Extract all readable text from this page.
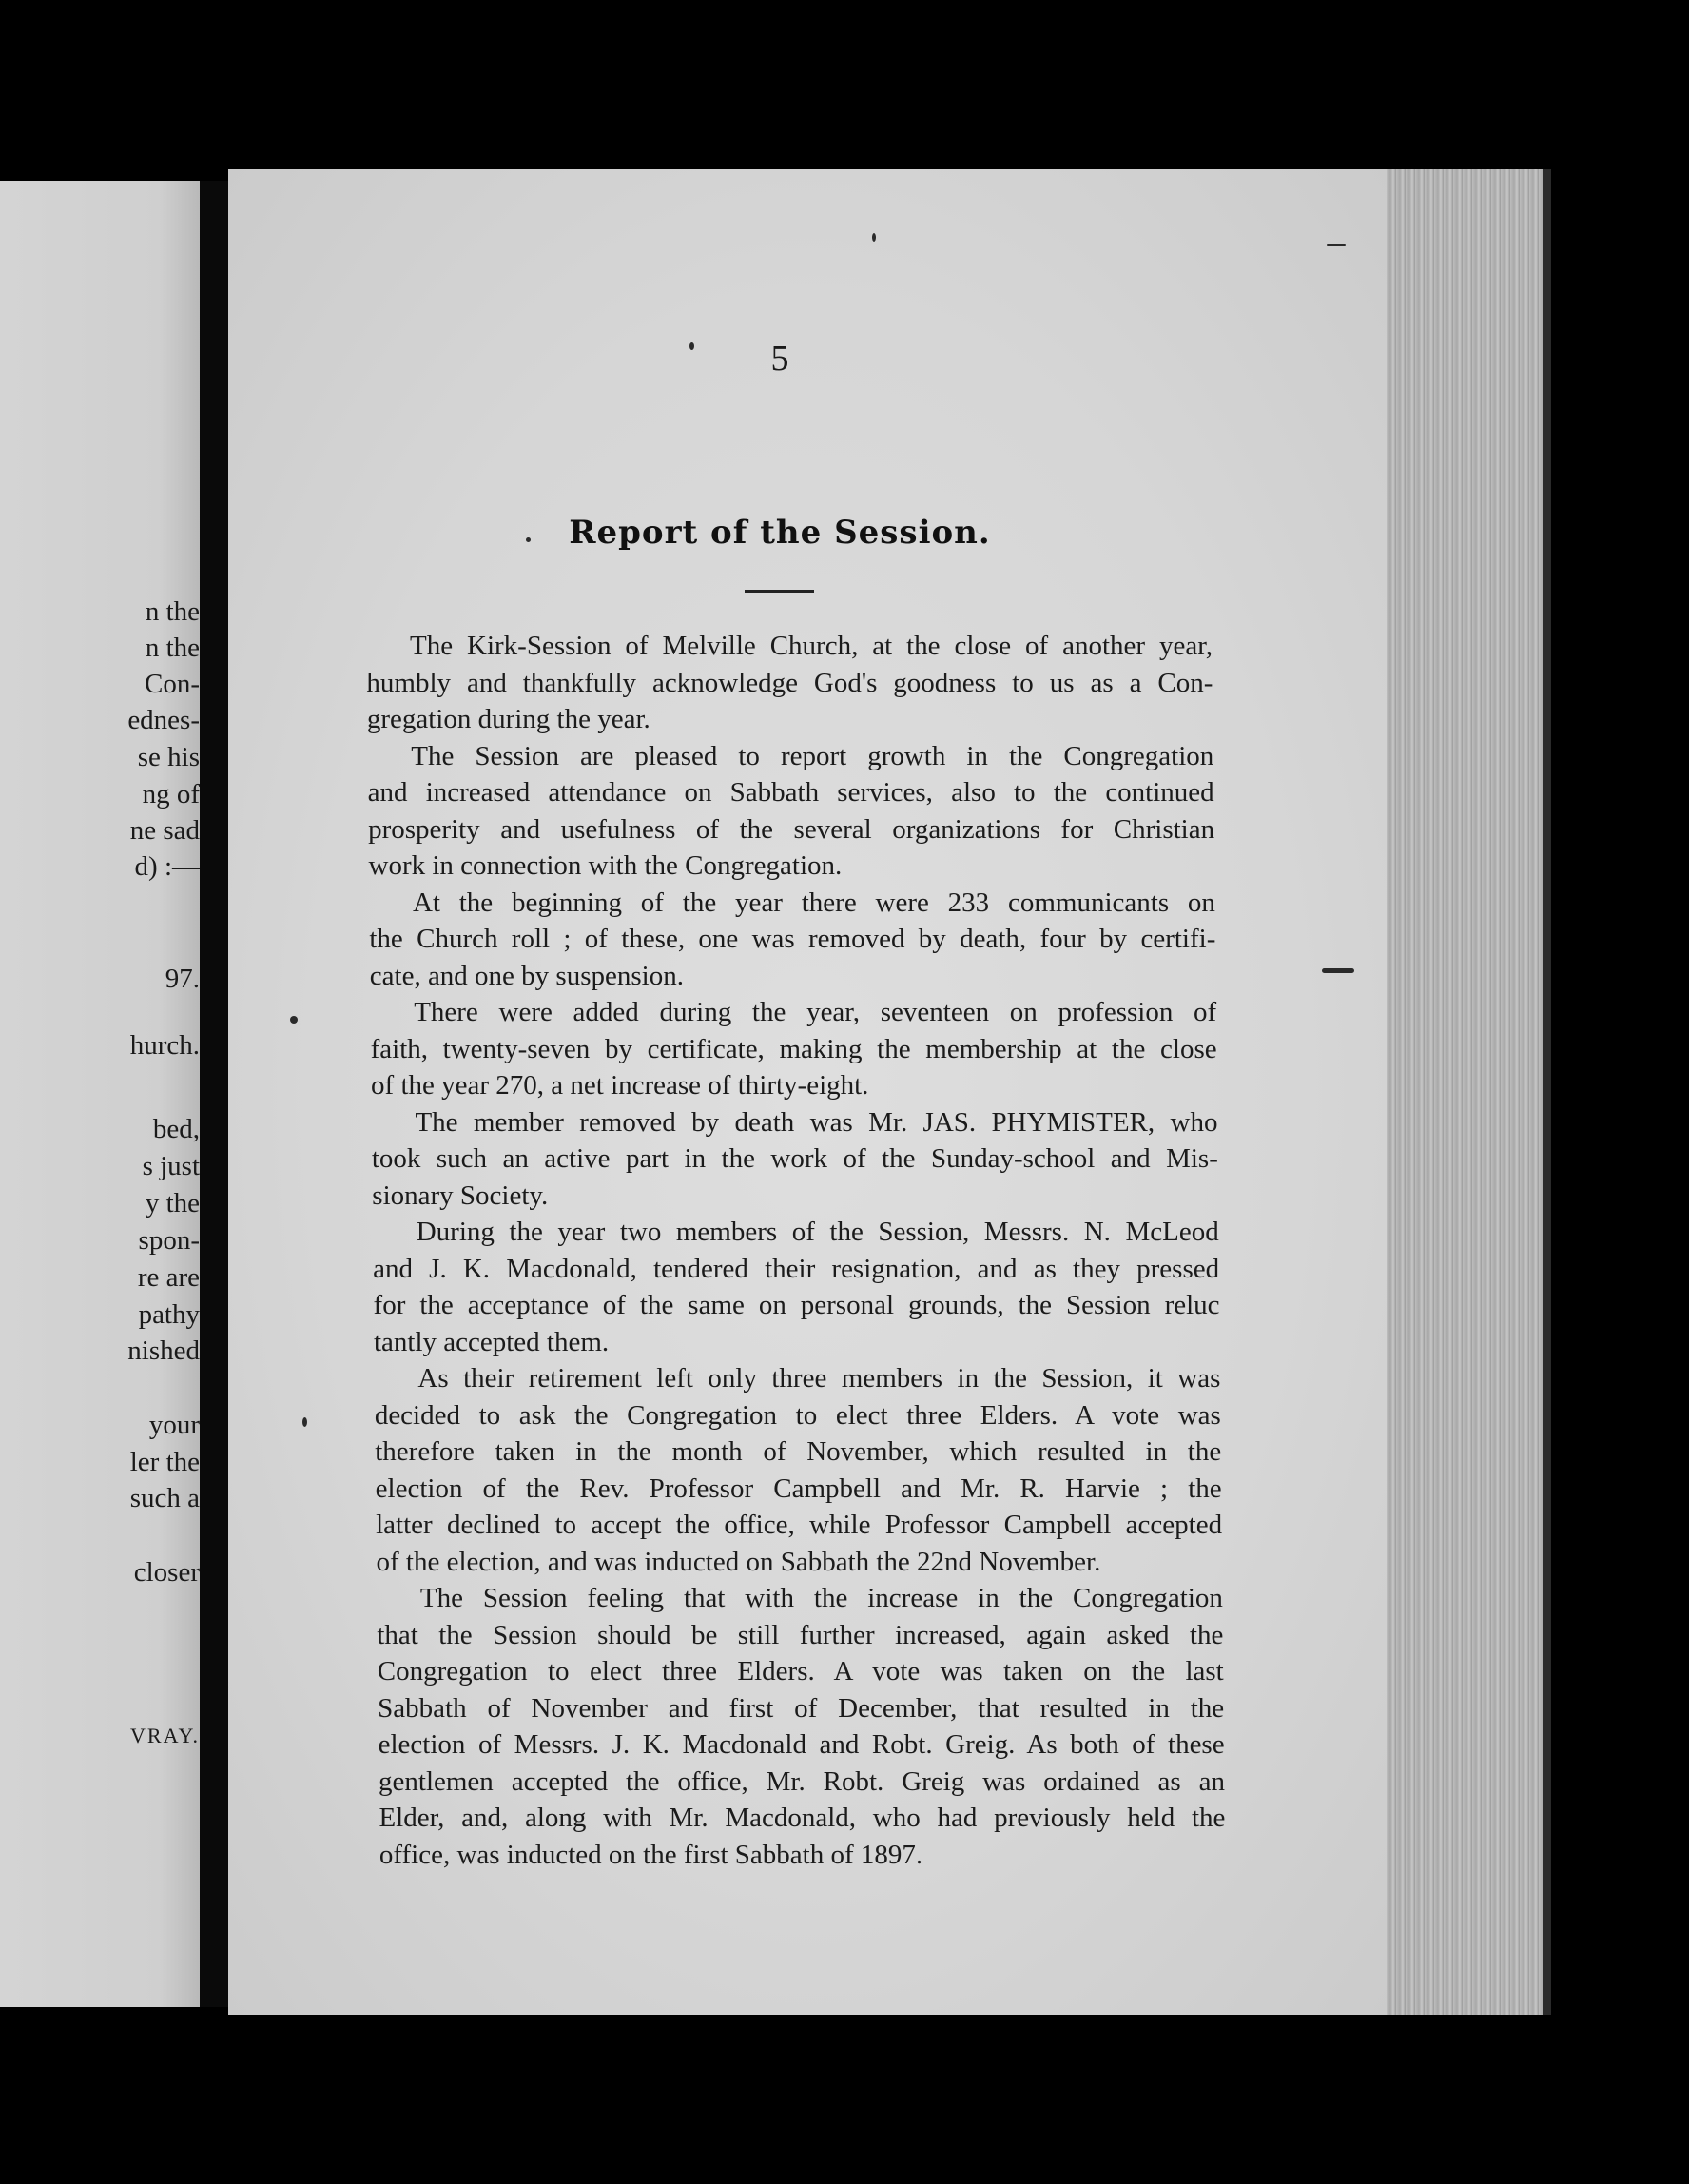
5
Report of the Session.
n the
n the
Con-
ednes-
se his
ng of
ne sad
d) :—
97.
hurch.
bed,
s just
y the
spon-
re are
pathy
nished
your
ler the
such a
closer
VRAY.
The Kirk-Session of Melville Church, at the close of another year,
humbly and thankfully acknowledge God's goodness to us as a Con-
gregation during the year.
The Session are pleased to report growth in the Congregation
and increased attendance on Sabbath services, also to the continued
prosperity and usefulness of the several organizations for Christian
work in connection with the Congregation.
At the beginning of the year there were 233 communicants on
the Church roll ; of these, one was removed by death, four by certifi-
cate, and one by suspension.
There were added during the year, seventeen on profession of
faith, twenty-seven by certificate, making the membership at the close
of the year 270, a net increase of thirty-eight.
The member removed by death was Mr. JAS. PHYMISTER, who
took such an active part in the work of the Sunday-school and Mis-
sionary Society.
During the year two members of the Session, Messrs. N. McLeod
and J. K. Macdonald, tendered their resignation, and as they pressed
for the acceptance of the same on personal grounds, the Session reluc
tantly accepted them.
As their retirement left only three members in the Session, it was
decided to ask the Congregation to elect three Elders. A vote was
therefore taken in the month of November, which resulted in the
election of the Rev. Professor Campbell and Mr. R. Harvie ; the
latter declined to accept the office, while Professor Campbell accepted
of the election, and was inducted on Sabbath the 22nd November.
The Session feeling that with the increase in the Congregation
that the Session should be still further increased, again asked the
Congregation to elect three Elders. A vote was taken on the last
Sabbath of November and first of December, that resulted in the
election of Messrs. J. K. Macdonald and Robt. Greig. As both of these
gentlemen accepted the office, Mr. Robt. Greig was ordained as an
Elder, and, along with Mr. Macdonald, who had previously held the
office, was inducted on the first Sabbath of 1897.
